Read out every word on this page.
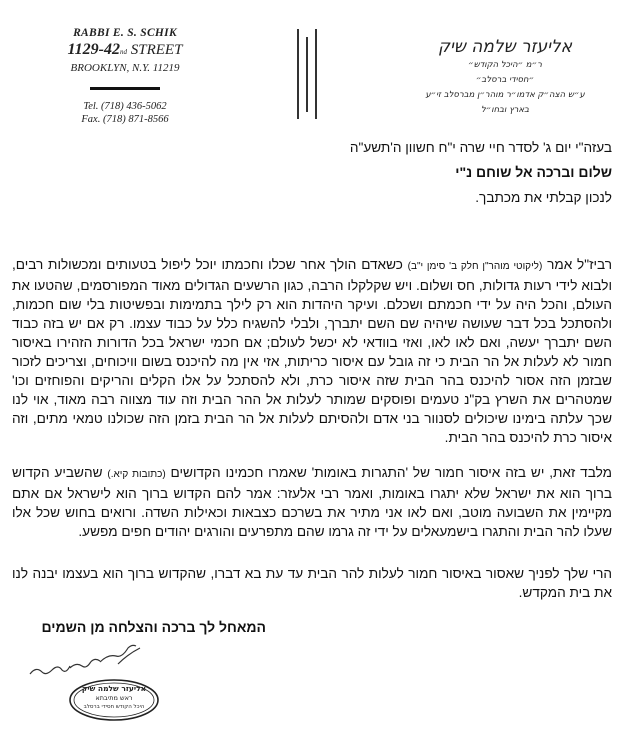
RABBI E. S. SCHIK
1129-42nd STREET
BROOKLYN, N.Y. 11219
Tel. (718) 436-5062
Fax. (718) 871-8566
אליעזר שלמה שיק
ר״מ ״היכל הקודש״
״חסידי ברסלב״
ע״ש הצה״ק אדמו״ר מוהר״ן מברסלב זי״ע
בארץ ובחו״ל
בעזה"י יום ג' לסדר חיי שרה י"ח חשוון ה'תשע"ה
שלום וברכה אל שוחם נ"י
לנכון קבלתי את מכתבך.
רביז"ל אמר (ליקוטי מוהר"ן חלק ב' סימן י"ב) כשאדם הולך אחר שכלו וחכמתו יוכל ליפול בטעותים ומכשולות רבים, ולבוא לידי רעות גדולות, חס ושלום. ויש שקלקלו הרבה, כגון הרשעים הגדולים מאוד המפורסמים, שהטעו את העולם, והכל היה על ידי חכמתם ושכלם. ועיקר היהדות הוא רק לילך בתמימות ובפשיטות בלי שום חכמות, ולהסתכל בכל דבר שעושה שיהיה שם השם יתברך, ולבלי להשגיח כלל על כבוד עצמו. רק אם יש בזה כבוד השם יתברך יעשה, ואם לאו לאו, ואזי בוודאי לא יכשל לעולם; אם חכמי ישראל בכל הדורות הזהירו באיסור חמור לא לעלות אל הר הבית כי זה גובל עם איסור כריתות, אזי אין מה להיכנס בשום וויכוחים, וצריכים לזכור שבזמן הזה אסור להיכנס בהר הבית שזה איסור כרת, ולא להסתכל על אלו הקלים והריקים והפוחזים וכו' שמטהרים את השרץ בק"נ טעמים ופוסקים שמותר לעלות אל ההר הבית וזה עוד מצווה רבה מאוד, אוי לנו שכך עלתה בימינו שיכולים לסנוור בני אדם ולהסיתם לעלות אל הר הבית בזמן הזה שכולנו טמאי מתים, וזה איסור כרת להיכנס בהר הבית.
מלבד זאת, יש בזה איסור חמור של 'התגרות באומות' שאמרו חכמינו הקדושים (כתובות קיא.) שהשביע הקדוש ברוך הוא את ישראל שלא יתגרו באומות, ואמר רבי אלעזר: אמר להם הקדוש ברוך הוא לישראל אם אתם מקיימין את השבועה מוטב, ואם לאו אני מתיר את בשרכם כצבאות וכאילות השדה. ורואים בחוש שכל אלו שעלו להר הבית והתגרו בישמעאלים על ידי זה גרמו שהם מתפרעים והורגים יהודים חפים מפשע.
הרי שלך לפניך שאסור באיסור חמור לעלות להר הבית עד עת בא דברו, שהקדוש ברוך הוא בעצמו יבנה לנו את בית המקדש.
המאחל לך ברכה והצלחה מן השמים
אליעזר שלמה שיק
ראש מתיבתא
היכל הקודש חסידי ברסלב
